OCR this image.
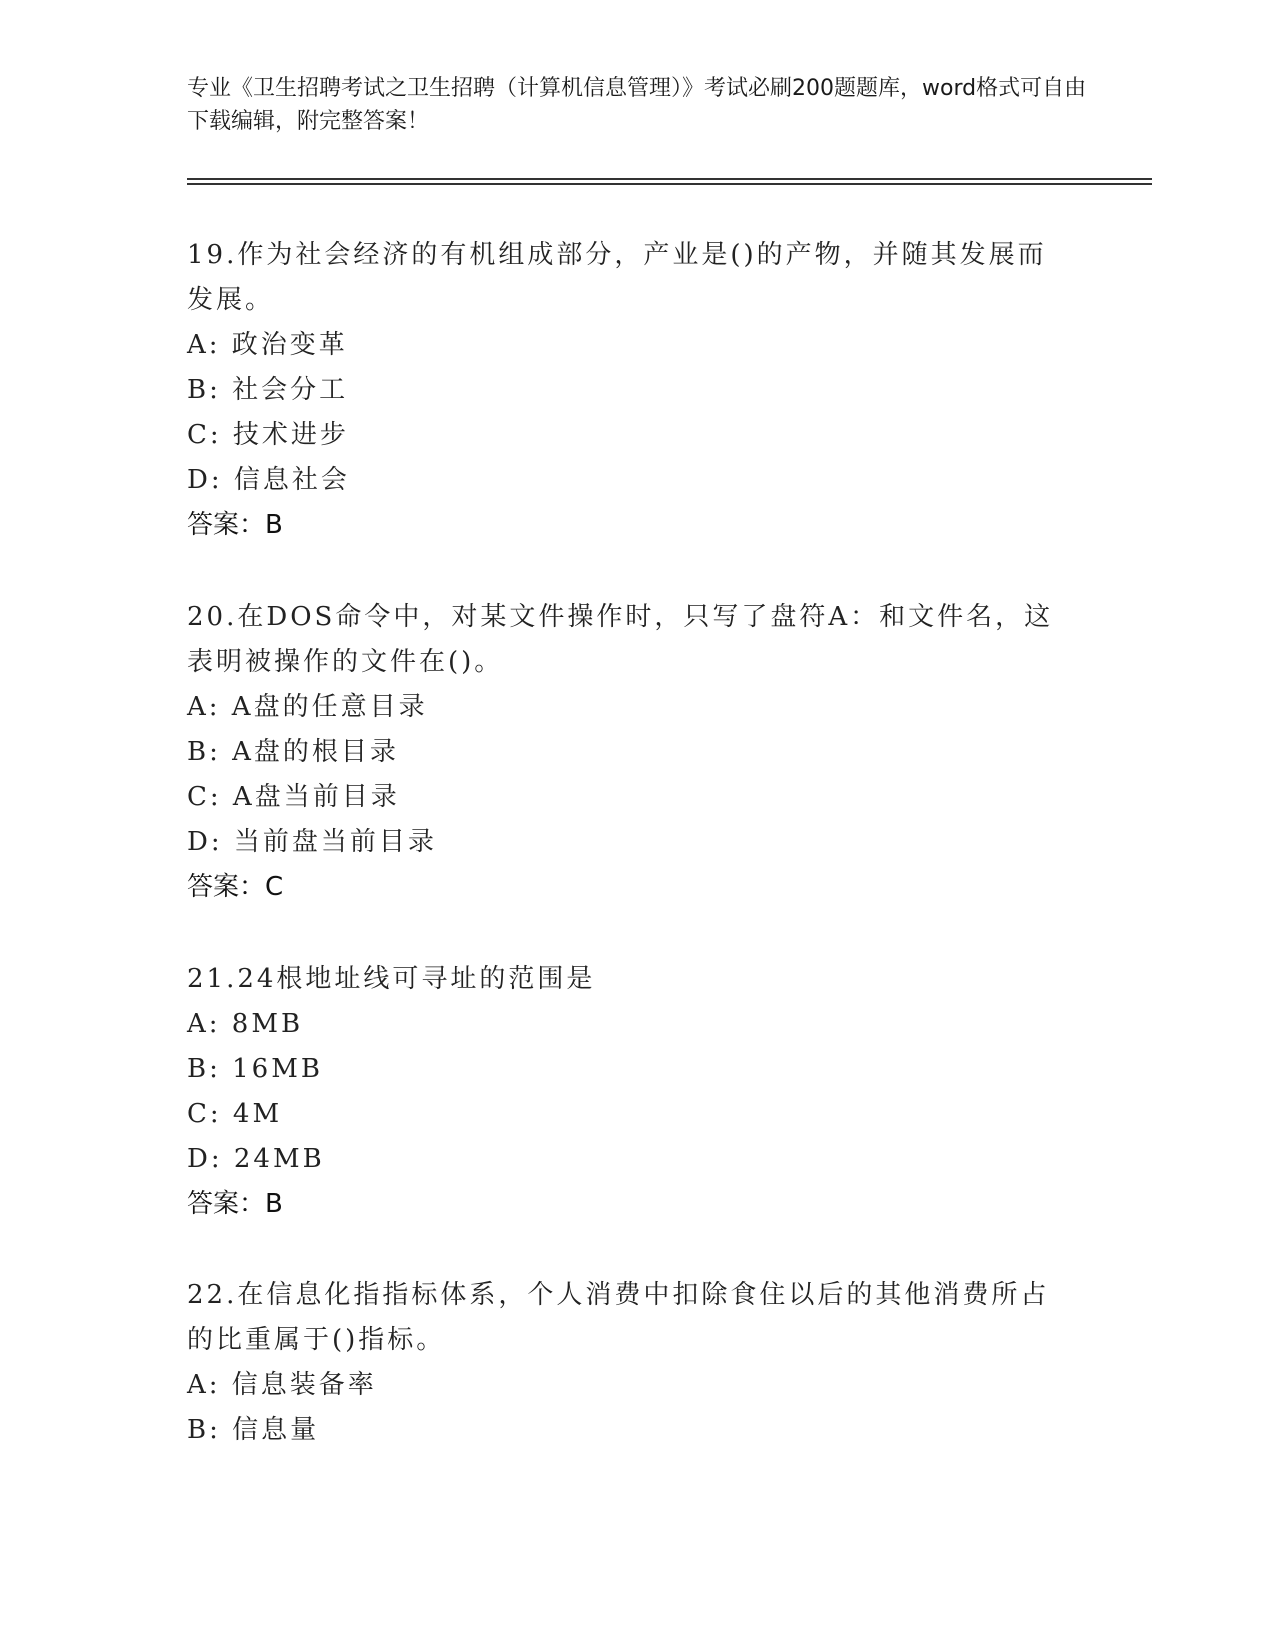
专业《卫生招聘考试之卫生招聘（计算机信息管理）》考试必刷200题题库，word格式可自由下载编辑，附完整答案！

19.作为社会经济的有机组成部分，产业是()的产物，并随其发展而发展。

A: 政治变革

B: 社会分工

C: 技术进步

D: 信息社会

答案：B

20.在DOS命令中，对某文件操作时，只写了盘符A：和文件名，这表明被操作的文件在()。

A: A盘的任意目录

B: A盘的根目录

C: A盘当前目录

D: 当前盘当前目录

答案：C

21.24根地址线可寻址的范围是

A: 8MB

B: 16MB

C: 4M

D: 24MB

答案：B

22.在信息化指指标体系，个人消费中扣除食住以后的其他消费所占的比重属于()指标。

A: 信息装备率

B: 信息量
